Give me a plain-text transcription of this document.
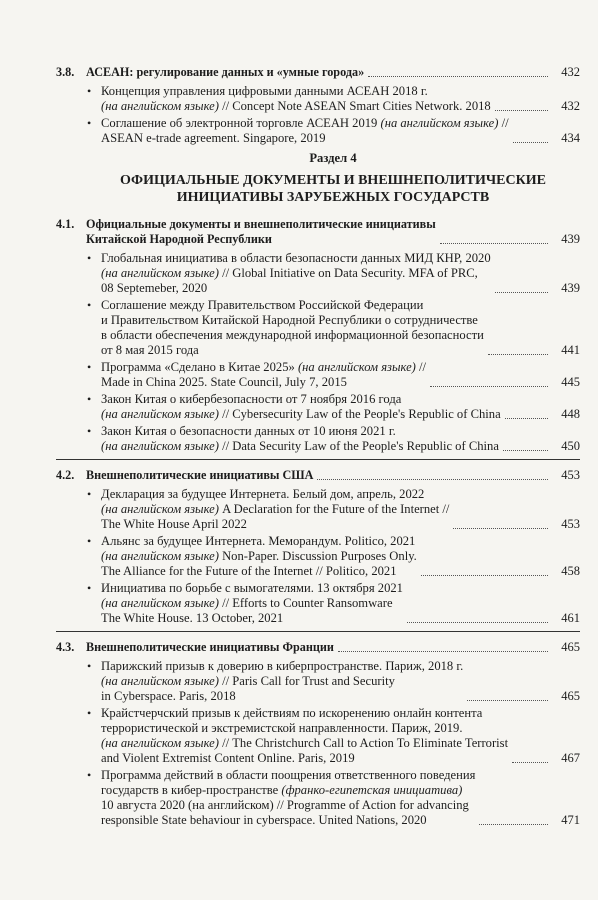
3.8. АСЕАН: регулирование данных и «умные города»	432
• Концепция управления цифровыми данными АСЕАН 2018 г.
(на английском языке) // Concept Note ASEAN Smart Cities Network. 2018	432
• Соглашение об электронной торговле АСЕАН 2019 (на английском языке) //
ASEAN e-trade agreement. Singapore, 2019	434
Раздел 4
ОФИЦИАЛЬНЫЕ ДОКУМЕНТЫ И ВНЕШНЕПОЛИТИЧЕСКИЕ
ИНИЦИАТИВЫ ЗАРУБЕЖНЫХ ГОСУДАРСТВ
4.1. Официальные документы и внешнеполитические инициативы
Китайской Народной Республики	439
• Глобальная инициатива в области безопасности данных МИД КНР, 2020
(на английском языке) // Global Initiative on Data Security. MFA of PRC,
08 Septemeber, 2020	439
• Соглашение между Правительством Российской Федерации
и Правительством Китайской Народной Республики о сотрудничестве
в области обеспечения международной информационной безопасности
от 8 мая 2015 года	441
• Программа «Сделано в Китае 2025» (на английском языке) //
Made in China 2025. State Council, July 7, 2015	445
• Закон Китая о кибербезопасности от 7 ноября 2016 года
(на английском языке) // Cybersecurity Law of the People's Republic of China	448
• Закон Китая о безопасности данных от 10 июня 2021 г.
(на английском языке) // Data Security Law of the People's Republic of China	450
4.2. Внешнеполитические инициативы США	453
• Декларация за будущее Интернета. Белый дом, апрель, 2022
(на английском языке) A Declaration for the Future of the Internet //
The White House April 2022	453
• Альянс за будущее Интернета. Меморандум. Politico, 2021
(на английском языке) Non-Paper. Discussion Purposes Only.
The Alliance for the Future of the Internet // Politico, 2021	458
• Инициатива по борьбе с вымогателями. 13 октября 2021
(на английском языке) // Efforts to Counter Ransomware
The White House. 13 October, 2021	461
4.3. Внешнеполитические инициативы Франции	465
• Парижский призыв к доверию в киберпространстве. Париж, 2018 г.
(на английском языке) // Paris Call for Trust and Security
in Cyberspace. Paris, 2018	465
• Крайстчерчский призыв к действиям по искоренению онлайн контента
террористической и экстремистской направленности. Париж, 2019.
(на английском языке) // The Christchurch Call to Action To Eliminate Terrorist
and Violent Extremist Content Online. Paris, 2019	467
• Программа действий в области поощрения ответственного поведения
государств в кибер-пространстве (франко-египетская инициатива)
10 августа 2020 (на английском) // Programme of Action for advancing
responsible State behaviour in cyberspace. United Nations, 2020	471
